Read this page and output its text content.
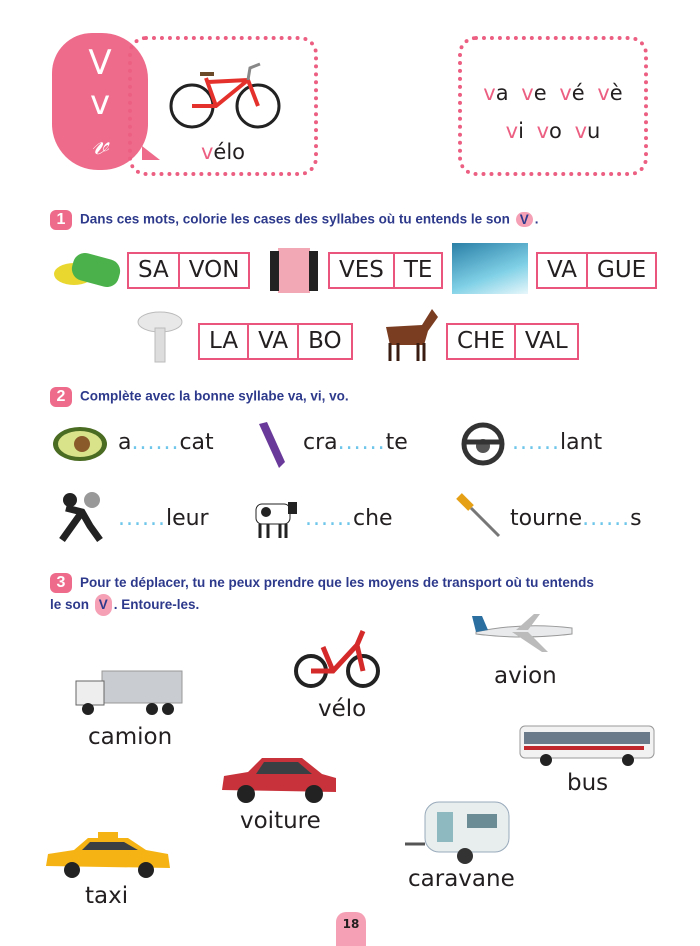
V
v
𝓋	vélo
va ve vé vè
vi vo vu
1 Dans ces mots, colorie les cases des syllabes où tu entends le son V .
SA VON	VES TE	VA GUE
LA VA BO	CHE VAL
2 Complète avec la bonne syllabe va, vi, vo.
a......cat	cra......te	......lant
......leur	......che	tourne......s
3 Pour te déplacer, tu ne peux prendre que les moyens de transport où tu entends
le son V . Entoure-les.
camion
vélo
avion
bus
voiture
caravane
taxi
18
